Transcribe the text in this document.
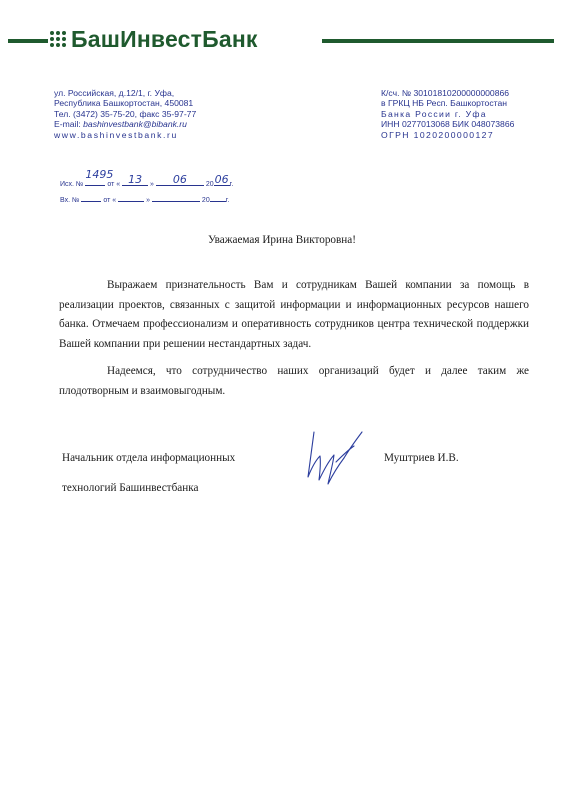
БашИнвестБанк
ул. Российская, д.12/1, г. Уфа,
Республика Башкортостан, 450081
Тел. (3472) 35-75-20, факс 35-97-77
E-mail: bashinvestbank@bibank.ru
www.bashinvestbank.ru
К/сч. № 30101810200000000866
в ГРКЦ НБ Респ. Башкортостан
Банка России г. Уфа
ИНН 0277013068 БИК 048073866
ОГРН 1020200000127
Исх. №
1495
от « 13	»	06	20 06 г.
Вх. №	от «	»	20 г.
Уважаемая Ирина Викторовна!
Выражаем признательность Вам и сотрудникам Вашей компании за помощь в реализации проектов, связанных с защитой информации и информационных ресурсов нашего банка. Отмечаем профессионализм и оперативность сотрудников центра технической поддержки Вашей компании при решении нестандартных задач.
Надеемся, что сотрудничество наших организаций будет и далее таким же плодотворным и взаимовыгодным.
Начальник отдела информационных
технологий Башинвестбанка
Муштриев И.В.
